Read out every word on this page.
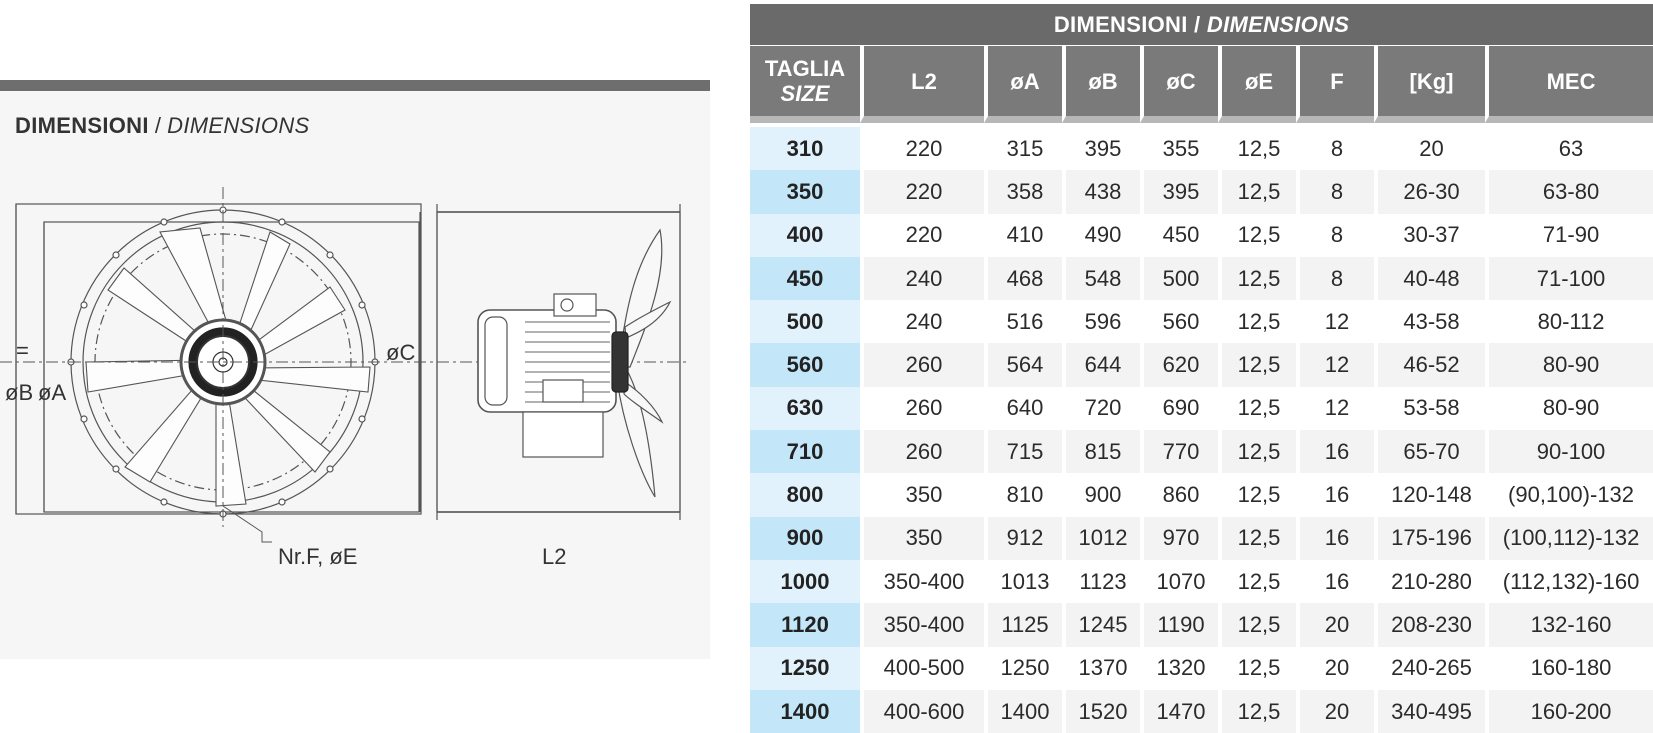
DIMENSIONI / DIMENSIONS
=
øB øA
øC
Nr.F, øE	L2
DIMENSIONI / DIMENSIONS								
TAGLIA
SIZE	L2	øA	øB	øC	øE	F	[Kg]	MEC

310	220	315	395	355	12,5	8	20	63
350	220	358	438	395	12,5	8	26-30	63-80
400	220	410	490	450	12,5	8	30-37	71-90
450	240	468	548	500	12,5	8	40-48	71-100
500	240	516	596	560	12,5	12	43-58	80-112
560	260	564	644	620	12,5	12	46-52	80-90
630	260	640	720	690	12,5	12	53-58	80-90
710	260	715	815	770	12,5	16	65-70	90-100
800	350	810	900	860	12,5	16	120-148	(90,100)-132
900	350	912	1012	970	12,5	16	175-196	(100,112)-132
1000	350-400	1013	1123	1070	12,5	16	210-280	(112,132)-160
1120	350-400	1125	1245	1190	12,5	20	208-230	132-160
1250	400-500	1250	1370	1320	12,5	20	240-265	160-180
1400	400-600	1400	1520	1470	12,5	20	340-495	160-200
